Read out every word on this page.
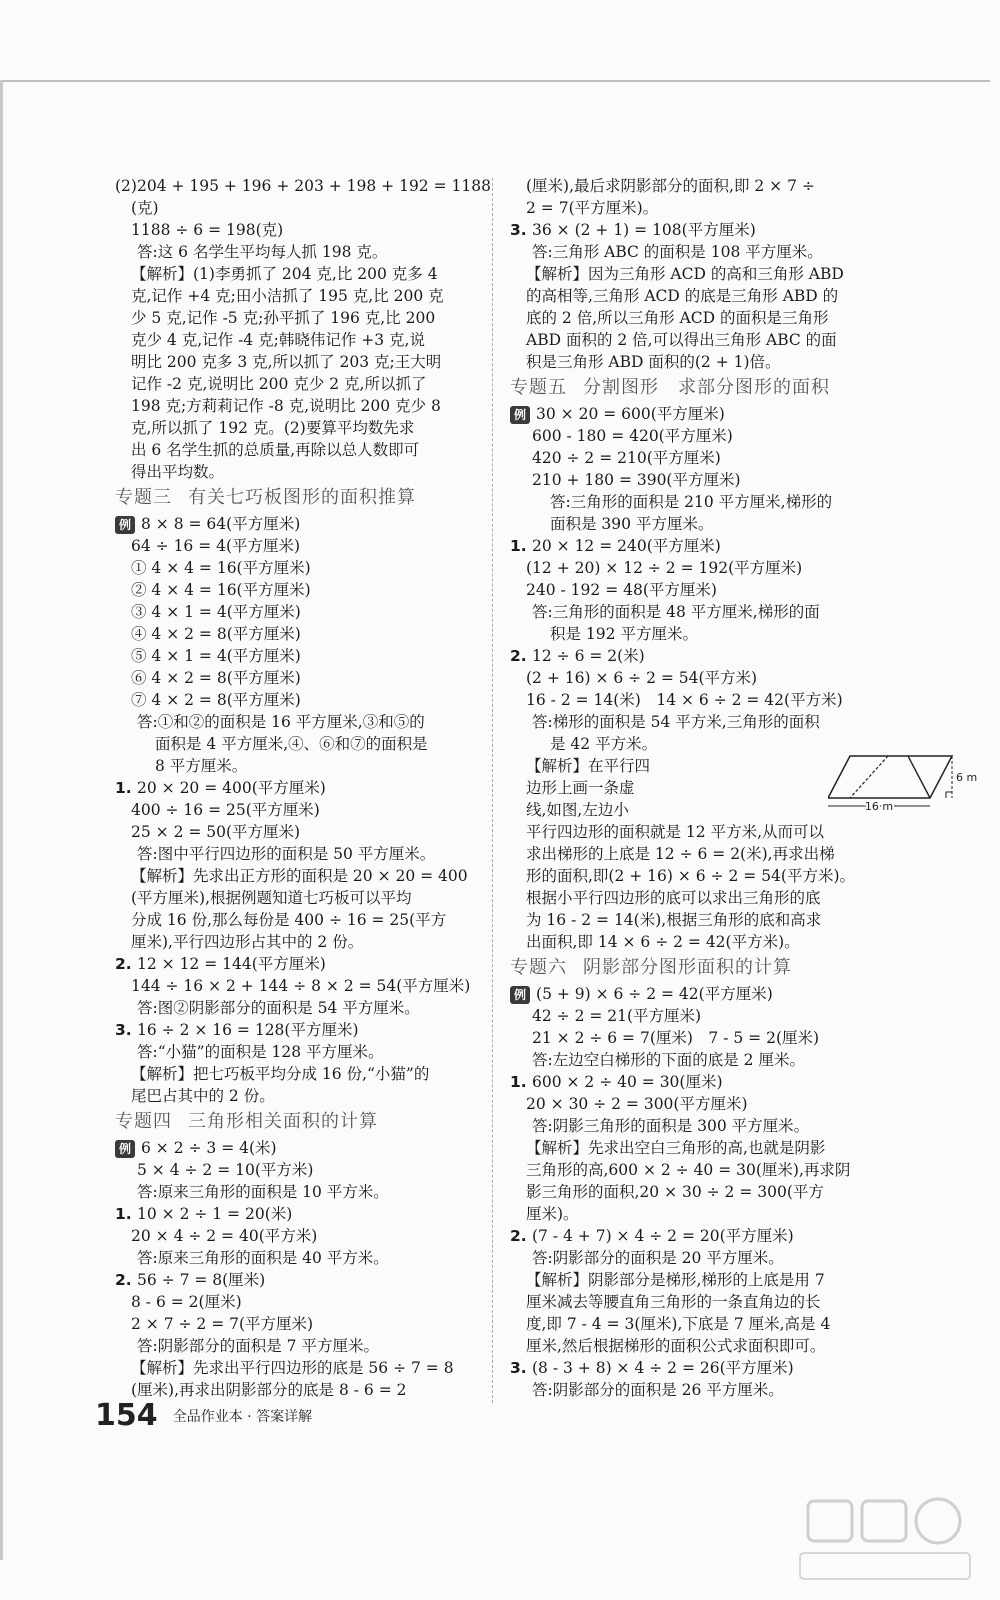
(2)204 + 195 + 196 + 203 + 198 + 192 = 1188
(克)
1188 ÷ 6 = 198(克)
答:这 6 名学生平均每人抓 198 克。
【解析】(1)李勇抓了 204 克,比 200 克多 4
克,记作 +4 克;田小洁抓了 195 克,比 200 克
少 5 克,记作 -5 克;孙平抓了 196 克,比 200
克少 4 克,记作 -4 克;韩晓伟记作 +3 克,说
明比 200 克多 3 克,所以抓了 203 克;王大明
记作 -2 克,说明比 200 克少 2 克,所以抓了
198 克;方莉莉记作 -8 克,说明比 200 克少 8
克,所以抓了 192 克。(2)要算平均数先求
出 6 名学生抓的总质量,再除以总人数即可
得出平均数。
专题三 有关七巧板图形的面积推算
例 8 × 8 = 64(平方厘米)
64 ÷ 16 = 4(平方厘米)
① 4 × 4 = 16(平方厘米)
② 4 × 4 = 16(平方厘米)
③ 4 × 1 = 4(平方厘米)
④ 4 × 2 = 8(平方厘米)
⑤ 4 × 1 = 4(平方厘米)
⑥ 4 × 2 = 8(平方厘米)
⑦ 4 × 2 = 8(平方厘米)
答:①和②的面积是 16 平方厘米,③和⑤的
面积是 4 平方厘米,④、⑥和⑦的面积是
8 平方厘米。
1. 20 × 20 = 400(平方厘米)
400 ÷ 16 = 25(平方厘米)
25 × 2 = 50(平方厘米)
答:图中平行四边形的面积是 50 平方厘米。
【解析】先求出正方形的面积是 20 × 20 = 400
(平方厘米),根据例题知道七巧板可以平均
分成 16 份,那么每份是 400 ÷ 16 = 25(平方
厘米),平行四边形占其中的 2 份。
2. 12 × 12 = 144(平方厘米)
144 ÷ 16 × 2 + 144 ÷ 8 × 2 = 54(平方厘米)
答:图②阴影部分的面积是 54 平方厘米。
3. 16 ÷ 2 × 16 = 128(平方厘米)
答:“小猫”的面积是 128 平方厘米。
【解析】把七巧板平均分成 16 份,“小猫”的
尾巴占其中的 2 份。
专题四 三角形相关面积的计算
例 6 × 2 ÷ 3 = 4(米)
5 × 4 ÷ 2 = 10(平方米)
答:原来三角形的面积是 10 平方米。
1. 10 × 2 ÷ 1 = 20(米)
20 × 4 ÷ 2 = 40(平方米)
答:原来三角形的面积是 40 平方米。
2. 56 ÷ 7 = 8(厘米)
8 - 6 = 2(厘米)
2 × 7 ÷ 2 = 7(平方厘米)
答:阴影部分的面积是 7 平方厘米。
【解析】先求出平行四边形的底是 56 ÷ 7 = 8
(厘米),再求出阴影部分的底是 8 - 6 = 2
(厘米),最后求阴影部分的面积,即 2 × 7 ÷
2 = 7(平方厘米)。
3. 36 × (2 + 1) = 108(平方厘米)
答:三角形 ABC 的面积是 108 平方厘米。
【解析】因为三角形 ACD 的高和三角形 ABD
的高相等,三角形 ACD 的底是三角形 ABD 的
底的 2 倍,所以三角形 ACD 的面积是三角形
ABD 面积的 2 倍,可以得出三角形 ABC 的面
积是三角形 ABD 面积的(2 + 1)倍。
专题五 分割图形　求部分图形的面积
例 30 × 20 = 600(平方厘米)
600 - 180 = 420(平方厘米)
420 ÷ 2 = 210(平方厘米)
210 + 180 = 390(平方厘米)
答:三角形的面积是 210 平方厘米,梯形的
面积是 390 平方厘米。
1. 20 × 12 = 240(平方厘米)
(12 + 20) × 12 ÷ 2 = 192(平方厘米)
240 - 192 = 48(平方厘米)
答:三角形的面积是 48 平方厘米,梯形的面
积是 192 平方厘米。
2. 12 ÷ 6 = 2(米)
(2 + 16) × 6 ÷ 2 = 54(平方米)
16 - 2 = 14(米)　14 × 6 ÷ 2 = 42(平方米)
答:梯形的面积是 54 平方米,三角形的面积
是 42 平方米。
【解析】在平行四
边形上画一条虚
线,如图,左边小
平行四边形的面积就是 12 平方米,从而可以
求出梯形的上底是 12 ÷ 6 = 2(米),再求出梯
形的面积,即(2 + 16) × 6 ÷ 2 = 54(平方米)。
根据小平行四边形的底可以求出三角形的底
为 16 - 2 = 14(米),根据三角形的底和高求
出面积,即 14 × 6 ÷ 2 = 42(平方米)。
专题六 阴影部分图形面积的计算
例 (5 + 9) × 6 ÷ 2 = 42(平方厘米)
42 ÷ 2 = 21(平方厘米)
21 × 2 ÷ 6 = 7(厘米)　7 - 5 = 2(厘米)
答:左边空白梯形的下面的底是 2 厘米。
1. 600 × 2 ÷ 40 = 30(厘米)
20 × 30 ÷ 2 = 300(平方厘米)
答:阴影三角形的面积是 300 平方厘米。
【解析】先求出空白三角形的高,也就是阴影
三角形的高,600 × 2 ÷ 40 = 30(厘米),再求阴
影三角形的面积,20 × 30 ÷ 2 = 300(平方
厘米)。
2. (7 - 4 + 7) × 4 ÷ 2 = 20(平方厘米)
答:阴影部分的面积是 20 平方厘米。
【解析】阴影部分是梯形,梯形的上底是用 7
厘米减去等腰直角三角形的一条直角边的长
度,即 7 - 4 = 3(厘米),下底是 7 厘米,高是 4
厘米,然后根据梯形的面积公式求面积即可。
3. (8 - 3 + 8) × 4 ÷ 2 = 26(平方厘米)
答:阴影部分的面积是 26 平方厘米。
16 m
6 m
154 全品作业本 · 答案详解
